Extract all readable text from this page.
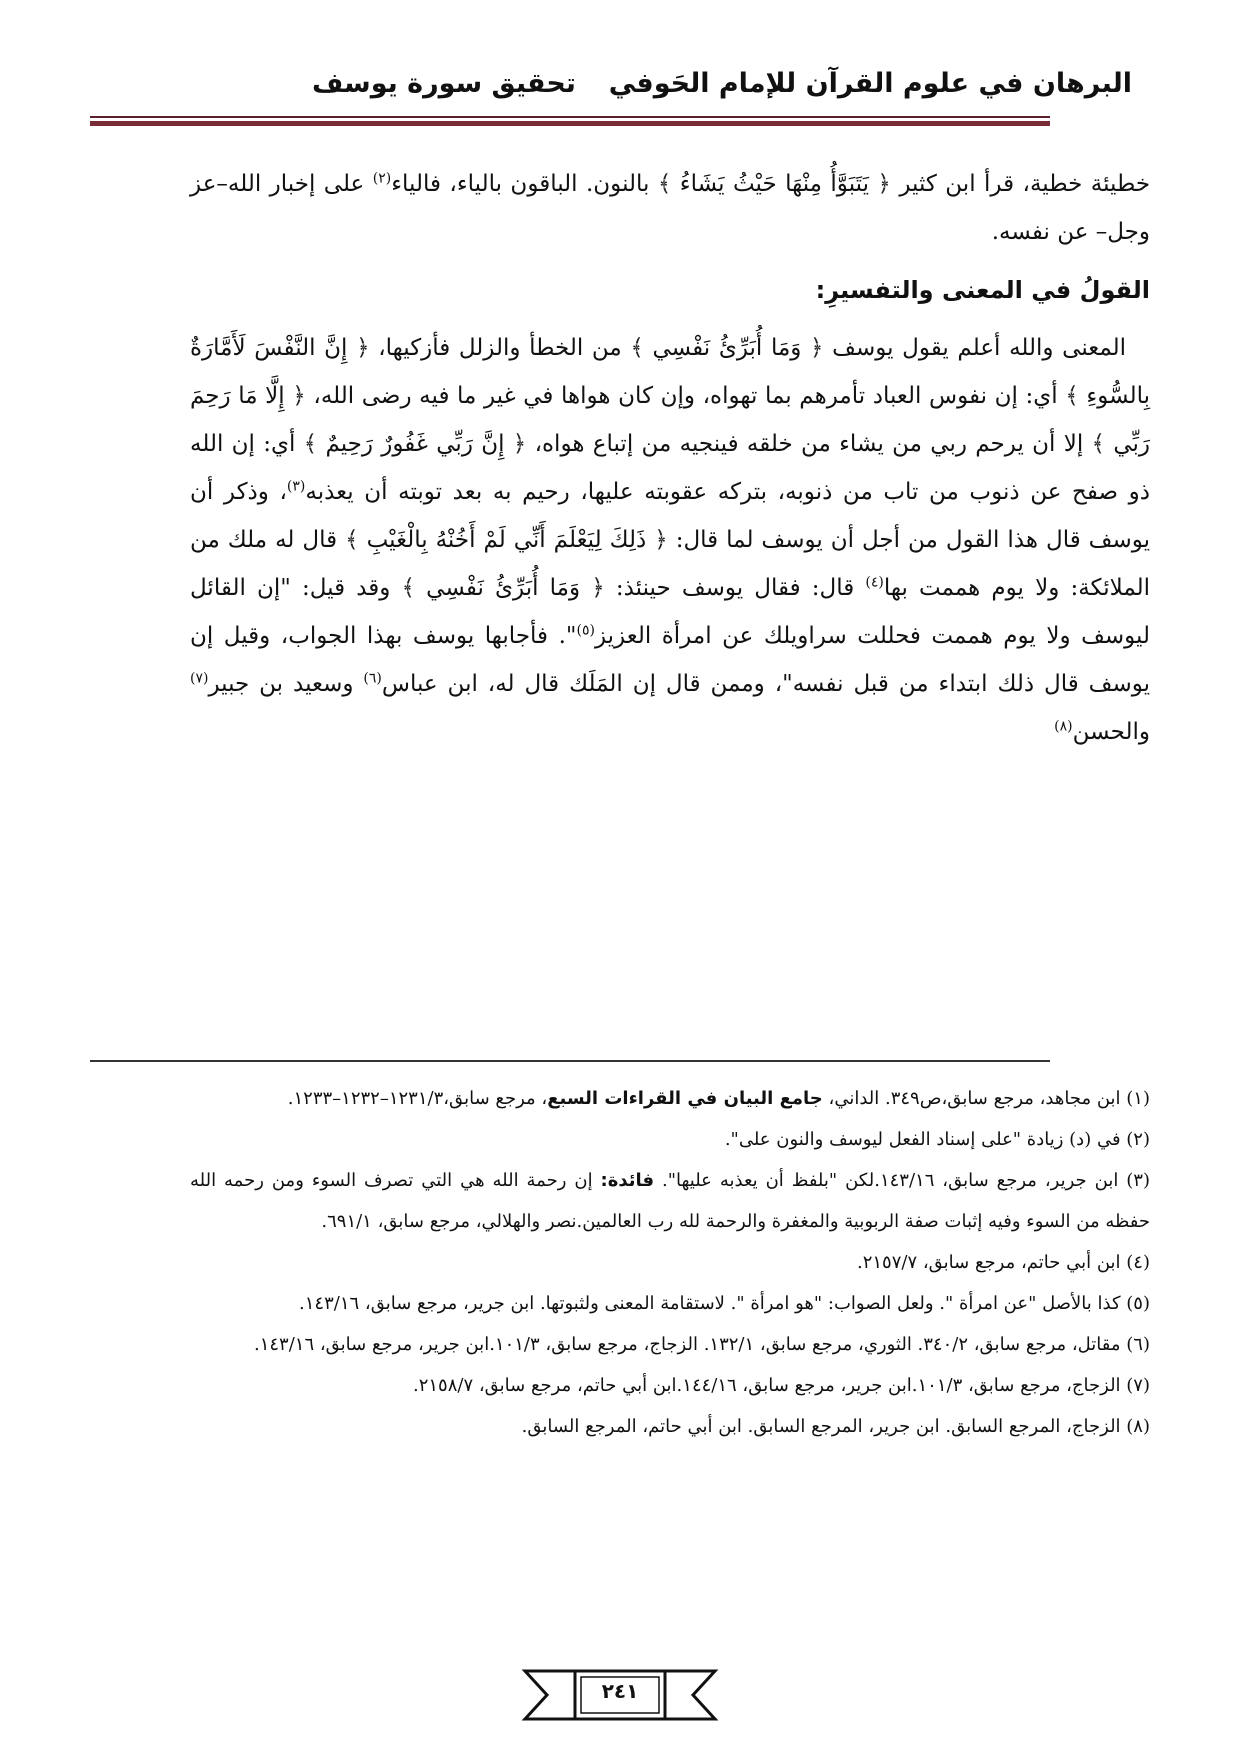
البرهان في علوم القرآن للإمام الحَوفي
تحقيق سورة يوسف

خطيئة خطية، قرأ ابن كثير ﴿ يَتَبَوَّأُ مِنْهَا حَيْثُ يَشَاءُ ﴾ بالنون. الباقون بالياء، فالياء$^{(٢)}$ على إخبار الله–عز وجل– عن نفسه.

القولُ في المعنى والتفسيرِ:

المعنى والله أعلم يقول يوسف ﴿ وَمَا أُبَرِّئُ نَفْسِي ﴾ من الخطأ والزلل فأزكيها، ﴿ إِنَّ النَّفْسَ لَأَمَّارَةٌ بِالسُّوءِ ﴾ أي: إن نفوس العباد تأمرهم بما تهواه، وإن كان هواها في غير ما فيه رضى الله، ﴿ إِلَّا مَا رَحِمَ رَبِّي ﴾ إلا أن يرحم ربي من يشاء من خلقه فينجيه من إتباع هواه، ﴿ إِنَّ رَبِّي غَفُورٌ رَحِيمٌ ﴾ أي: إن الله ذو صفح عن ذنوب من تاب من ذنوبه، بتركه عقوبته عليها، رحيم به بعد توبته أن يعذبه$^{(٣)}$، وذكر أن يوسف قال هذا القول من أجل أن يوسف لما قال: ﴿ ذَلِكَ لِيَعْلَمَ أَنِّي لَمْ أَخُنْهُ بِالْغَيْبِ ﴾ قال له ملك من الملائكة: ولا يوم هممت بها$^{(٤)}$ قال: فقال يوسف حينئذ: ﴿ وَمَا أُبَرِّئُ نَفْسِي ﴾ وقد قيل: "إن القائل ليوسف ولا يوم هممت فحللت سراويلك عن امرأة العزيز$^{(٥)}$". فأجابها يوسف بهذا الجواب، وقيل إن يوسف قال ذلك ابتداء من قبل نفسه"، وممن قال إن المَلَك قال له، ابن عباس$^{(٦)}$ وسعيد بن جبير$^{(٧)}$ والحسن$^{(٨)}$

(١) ابن مجاهد، مرجع سابق،ص٣٤٩. الداني، جامع البيان في القراءات السبع، مرجع سابق،١٢٣١/٣–١٢٣٢–١٢٣٣.

(٢) في (د) زيادة "على إسناد الفعل ليوسف والنون على".

(٣) ابن جرير، مرجع سابق، ١٤٣/١٦.لكن "بلفظ أن يعذبه عليها". فائدة: إن رحمة الله هي التي تصرف السوء ومن رحمه الله حفظه من السوء وفيه إثبات صفة الربوبية والمغفرة والرحمة لله رب العالمين.نصر والهلالي، مرجع سابق، ٦٩١/١.

(٤) ابن أبي حاتم، مرجع سابق، ٢١٥٧/٧.

(٥) كذا بالأصل "عن امرأة ". ولعل الصواب: "هو امرأة ". لاستقامة المعنى ولثبوتها. ابن جرير، مرجع سابق، ١٤٣/١٦.

(٦) مقاتل، مرجع سابق، ٣٤٠/٢. الثوري، مرجع سابق، ١٣٢/١. الزجاج، مرجع سابق، ١٠١/٣.ابن جرير، مرجع سابق، ١٤٣/١٦.

(٧) الزجاج، مرجع سابق، ١٠١/٣.ابن جرير، مرجع سابق، ١٤٤/١٦.ابن أبي حاتم، مرجع سابق، ٢١٥٨/٧.

(٨) الزجاج، المرجع السابق. ابن جرير، المرجع السابق. ابن أبي حاتم، المرجع السابق.

٢٤١
